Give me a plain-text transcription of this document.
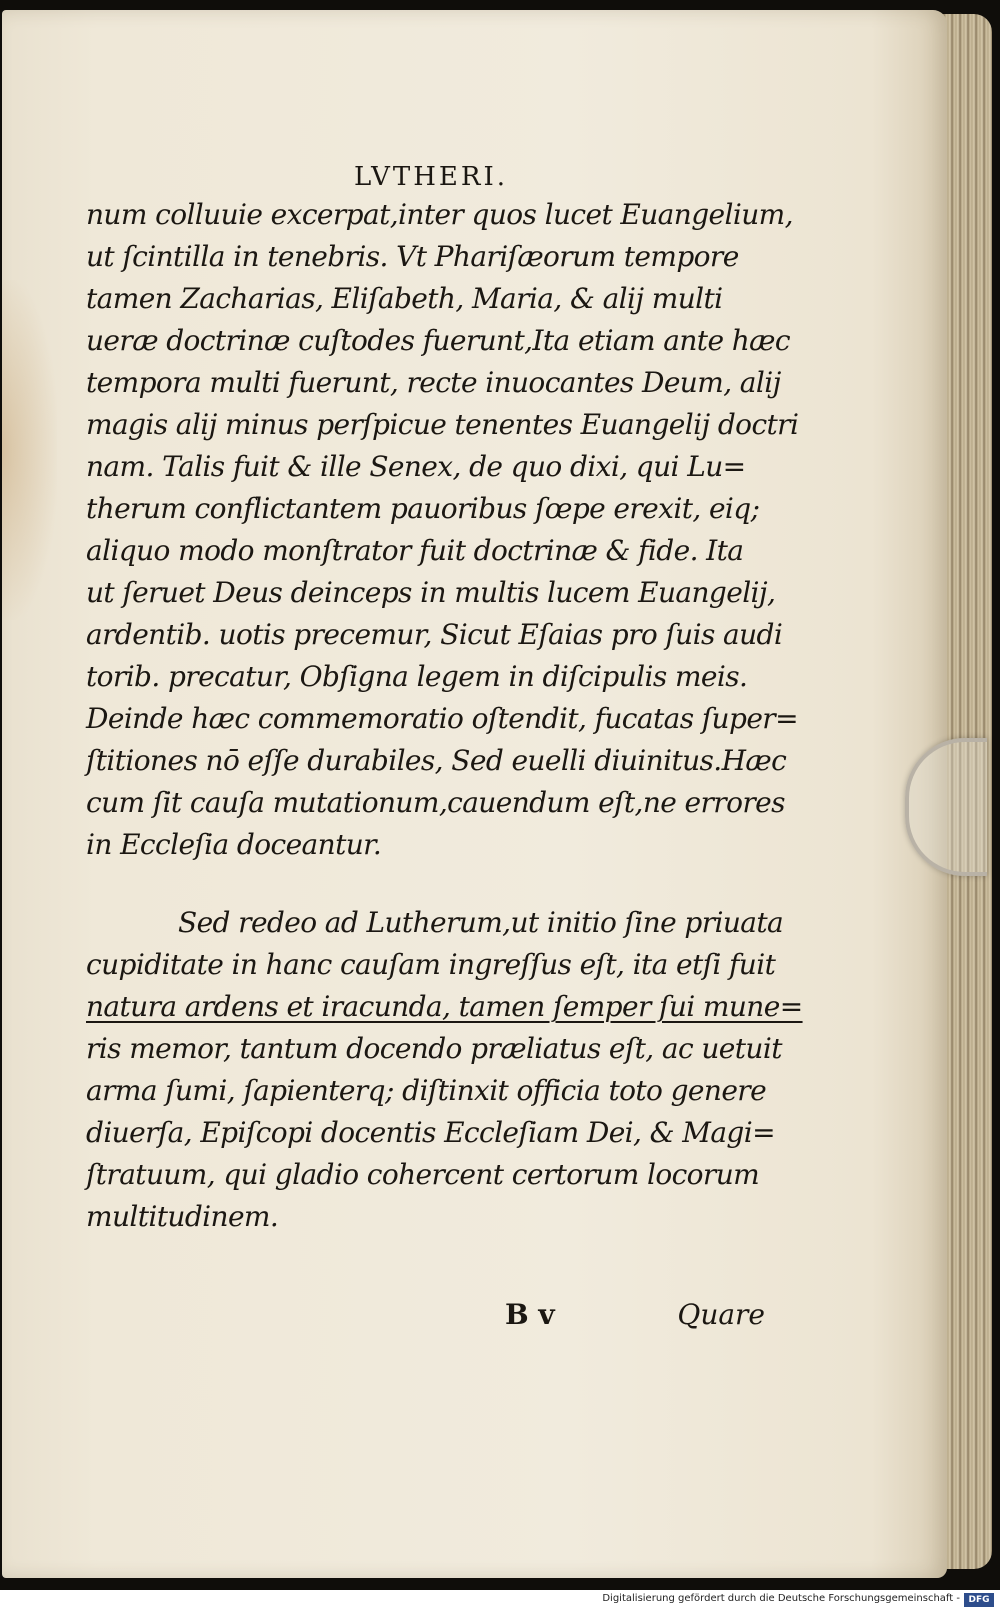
LVTHERI.
num colluuie excerpat,inter quos lucet Euangelium,
ut ſcintilla in tenebris. Vt Phariſæorum tempore
tamen Zacharias, Eliſabeth, Maria, & alij multi
ueræ doctrinæ cuſtodes fuerunt,Ita etiam ante hæc
tempora multi fuerunt, recte inuocantes Deum, alij
magis alij minus perſpicue tenentes Euangelij doctri
nam. Talis fuit & ille Senex, de quo dixi, qui Lu=
therum conflictantem pauoribus ſœpe erexit, eiq;
aliquo modo monſtrator fuit doctrinæ & fide. Ita
ut ſeruet Deus deinceps in multis lucem Euangelij,
ardentib. uotis precemur, Sicut Eſaias pro ſuis audi
torib. precatur, Obſigna legem in diſcipulis meis.
Deinde hæc commemoratio oſtendit, fucatas ſuper=
ſtitiones nō eſſe durabiles, Sed euelli diuinitus.Hæc
cum ſit cauſa mutationum,cauendum eſt,ne errores
in Eccleſia doceantur.
Sed redeo ad Lutherum,ut initio ſine priuata
cupiditate in hanc cauſam ingreſſus eſt, ita etſi fuit
natura ardens et iracunda, tamen ſemper ſui mune=
ris memor, tantum docendo præliatus eſt, ac uetuit
arma ſumi, ſapienterq; diſtinxit officia toto genere
diuerſa, Epiſcopi docentis Eccleſiam Dei, & Magi=
ſtratuum, qui gladio cohercent certorum locorum
multitudinem.
B v	Quare
Digitalisierung gefördert durch die Deutsche Forschungsgemeinschaft - DFG
